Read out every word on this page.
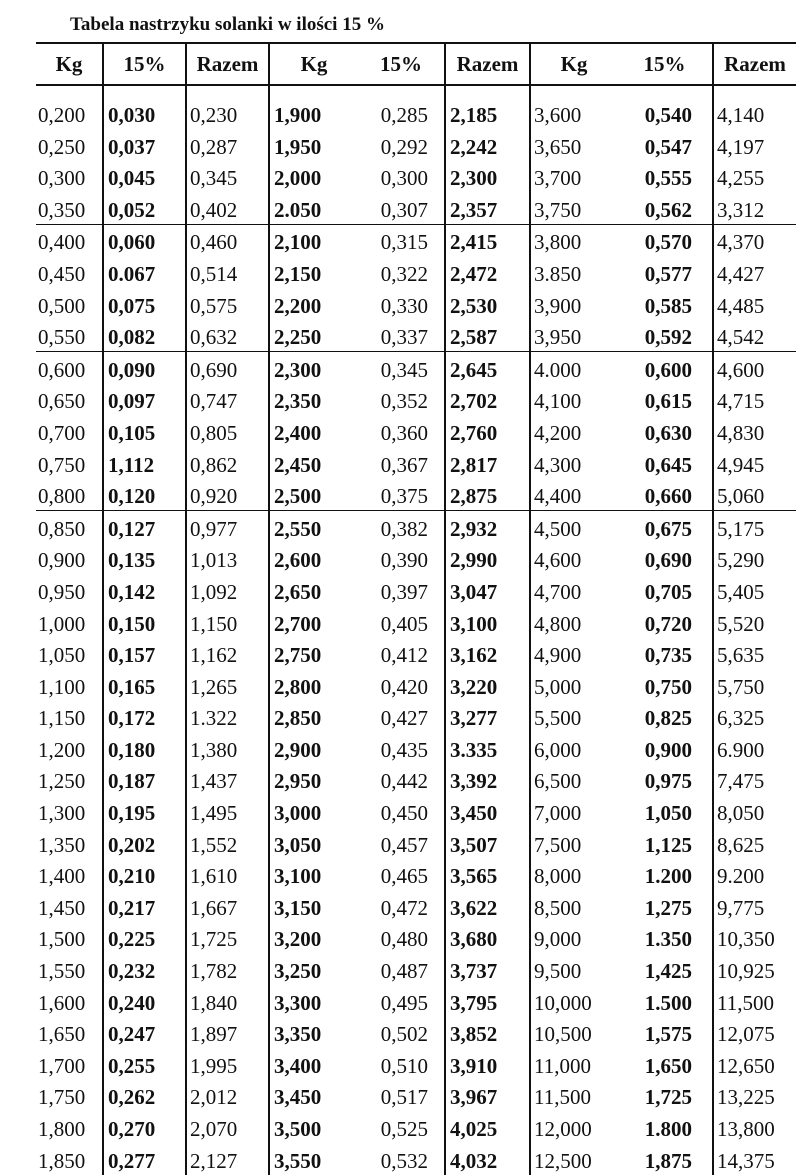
Tabela nastrzyku solanki w ilości 15 %
Kg	15%	Razem	Kg	15%	Razem	Kg	15%	Razem
0,200	0,030	0,230	1,900	0,285	2,185	3,600	0,540	4,140
0,250	0,037	0,287	1,950	0,292	2,242	3,650	0,547	4,197
0,300	0,045	0,345	2,000	0,300	2,300	3,700	0,555	4,255
0,350	0,052	0,402	2.050	0,307	2,357	3,750	0,562	3,312
0,400	0,060	0,460	2,100	0,315	2,415	3,800	0,570	4,370
0,450	0.067	0,514	2,150	0,322	2,472	3.850	0,577	4,427
0,500	0,075	0,575	2,200	0,330	2,530	3,900	0,585	4,485
0,550	0,082	0,632	2,250	0,337	2,587	3,950	0,592	4,542
0,600	0,090	0,690	2,300	0,345	2,645	4.000	0,600	4,600
0,650	0,097	0,747	2,350	0,352	2,702	4,100	0,615	4,715
0,700	0,105	0,805	2,400	0,360	2,760	4,200	0,630	4,830
0,750	1,112	0,862	2,450	0,367	2,817	4,300	0,645	4,945
0,800	0,120	0,920	2,500	0,375	2,875	4,400	0,660	5,060
0,850	0,127	0,977	2,550	0,382	2,932	4,500	0,675	5,175
0,900	0,135	1,013	2,600	0,390	2,990	4,600	0,690	5,290
0,950	0,142	1,092	2,650	0,397	3,047	4,700	0,705	5,405
1,000	0,150	1,150	2,700	0,405	3,100	4,800	0,720	5,520
1,050	0,157	1,162	2,750	0,412	3,162	4,900	0,735	5,635
1,100	0,165	1,265	2,800	0,420	3,220	5,000	0,750	5,750
1,150	0,172	1.322	2,850	0,427	3,277	5,500	0,825	6,325
1,200	0,180	1,380	2,900	0,435	3.335	6,000	0,900	6.900
1,250	0,187	1,437	2,950	0,442	3,392	6,500	0,975	7,475
1,300	0,195	1,495	3,000	0,450	3,450	7,000	1,050	8,050
1,350	0,202	1,552	3,050	0,457	3,507	7,500	1,125	8,625
1,400	0,210	1,610	3,100	0,465	3,565	8,000	1.200	9.200
1,450	0,217	1,667	3,150	0,472	3,622	8,500	1,275	9,775
1,500	0,225	1,725	3,200	0,480	3,680	9,000	1.350	10,350
1,550	0,232	1,782	3,250	0,487	3,737	9,500	1,425	10,925
1,600	0,240	1,840	3,300	0,495	3,795	10,000	1.500	11,500
1,650	0,247	1,897	3,350	0,502	3,852	10,500	1,575	12,075
1,700	0,255	1,995	3,400	0,510	3,910	11,000	1,650	12,650
1,750	0,262	2,012	3,450	0,517	3,967	11,500	1,725	13,225
1,800	0,270	2,070	3,500	0,525	4,025	12,000	1.800	13,800
1,850	0,277	2,127	3,550	0,532	4,032	12,500	1,875	14,375
